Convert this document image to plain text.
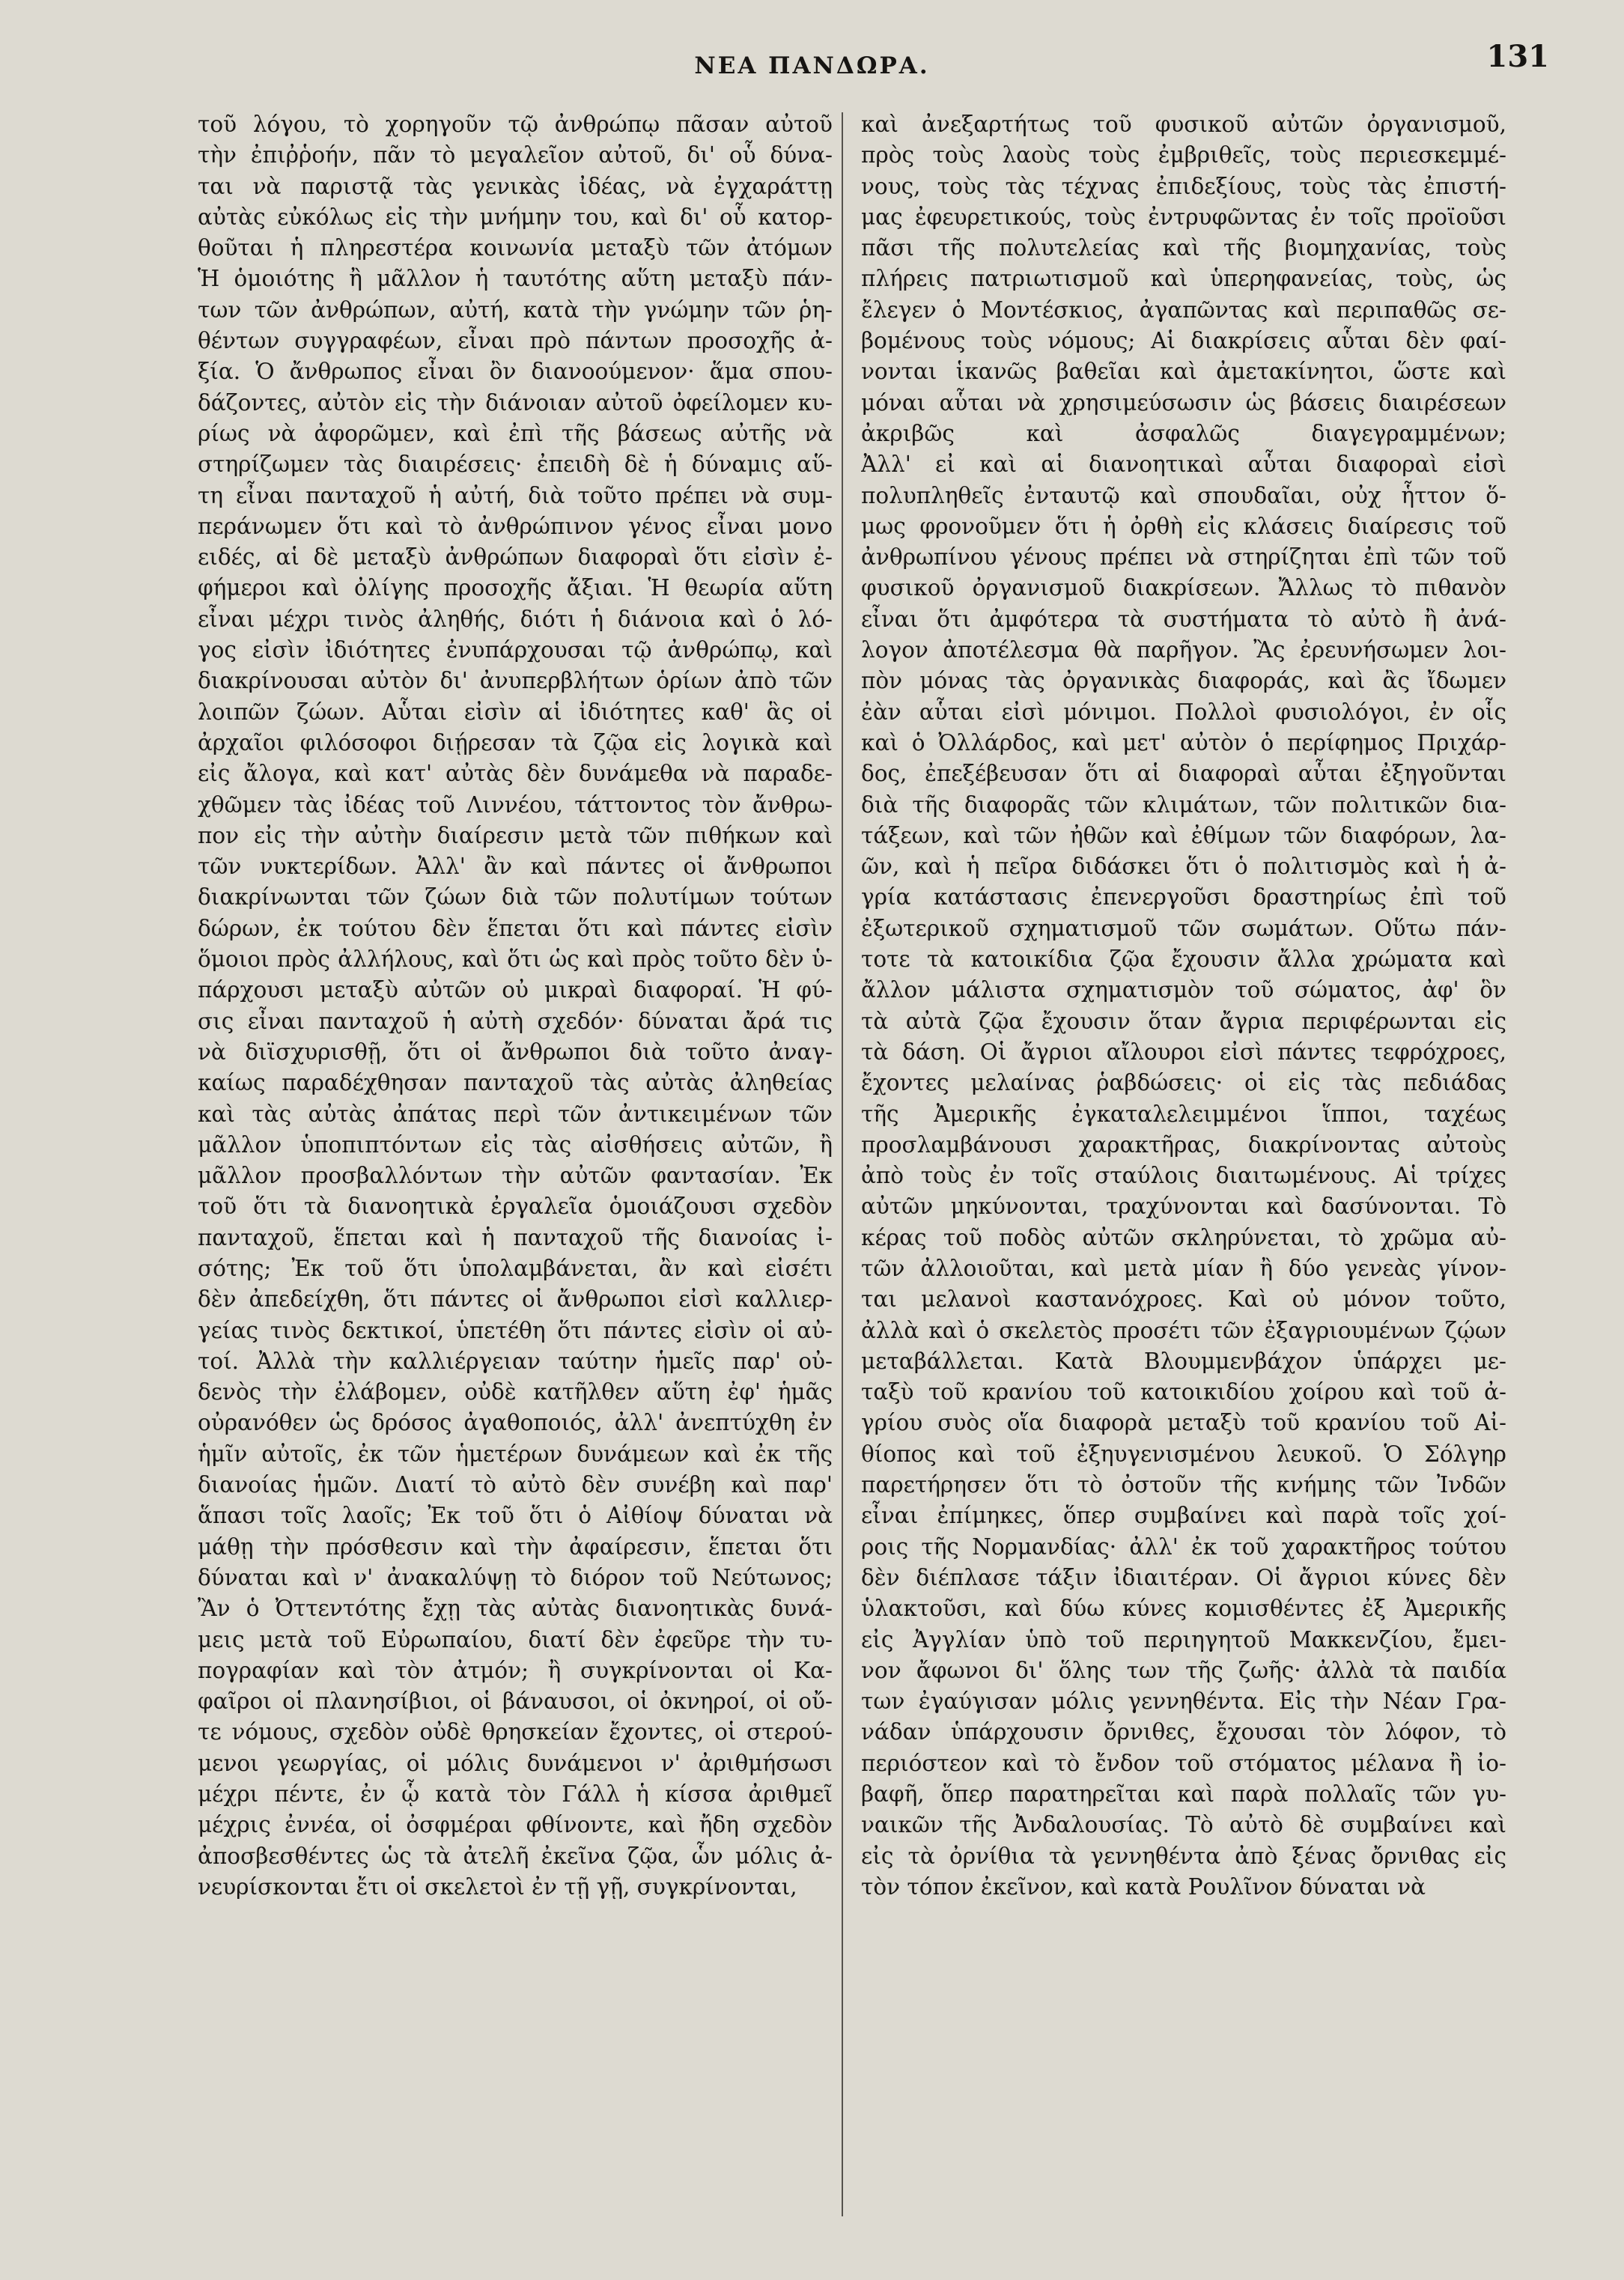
ΝΕΑ ΠΑΝΔΩΡΑ.	131
τοῦ λόγου, τὸ χορηγοῦν τῷ ἀνθρώπῳ πᾶσαν αὐτοῦ
τὴν ἐπιῤῥοήν, πᾶν τὸ μεγαλεῖον αὐτοῦ, δι' οὗ δύνα-
ται νὰ παριστᾷ τὰς γενικὰς ἰδέας, νὰ ἐγχαράττῃ
αὐτὰς εὐκόλως εἰς τὴν μνήμην του, καὶ δι' οὗ κατορ-
θοῦται ἡ πληρεστέρα κοινωνία μεταξὺ τῶν ἀτόμων
Ἡ ὁμοιότης ἢ μᾶλλον ἡ ταυτότης αὕτη μεταξὺ πάν-
των τῶν ἀνθρώπων, αὐτή, κατὰ τὴν γνώμην τῶν ῥη-
θέντων συγγραφέων, εἶναι πρὸ πάντων προσοχῆς ἀ-
ξία. Ὁ ἄνθρωπος εἶναι ὂν διανοούμενον· ἅμα σπου-
δάζοντες, αὐτὸν εἰς τὴν διάνοιαν αὐτοῦ ὀφείλομεν κυ-
ρίως νὰ ἀφορῶμεν, καὶ ἐπὶ τῆς βάσεως αὐτῆς νὰ
στηρίζωμεν τὰς διαιρέσεις· ἐπειδὴ δὲ ἡ δύναμις αὕ-
τη εἶναι πανταχοῦ ἡ αὐτή, διὰ τοῦτο πρέπει νὰ συμ-
περάνωμεν ὅτι καὶ τὸ ἀνθρώπινον γένος εἶναι μονο
ειδές, αἱ δὲ μεταξὺ ἀνθρώπων διαφοραὶ ὅτι εἰσὶν ἐ-
φήμεροι καὶ ὀλίγης προσοχῆς ἄξιαι. Ἡ θεωρία αὕτη
εἶναι μέχρι τινὸς ἀληθής, διότι ἡ διάνοια καὶ ὁ λό-
γος εἰσὶν ἰδιότητες ἐνυπάρχουσαι τῷ ἀνθρώπῳ, καὶ
διακρίνουσαι αὐτὸν δι' ἀνυπερβλήτων ὁρίων ἀπὸ τῶν
λοιπῶν ζώων. Αὗται εἰσὶν αἱ ἰδιότητες καθ' ἃς οἱ
ἀρχαῖοι φιλόσοφοι διῄρεσαν τὰ ζῷα εἰς λογικὰ καὶ
εἰς ἄλογα, καὶ κατ' αὐτὰς δὲν δυνάμεθα νὰ παραδε-
χθῶμεν τὰς ἰδέας τοῦ Λιννέου, τάττοντος τὸν ἄνθρω-
πον εἰς τὴν αὐτὴν διαίρεσιν μετὰ τῶν πιθήκων καὶ
τῶν νυκτερίδων. Ἀλλ' ἂν καὶ πάντες οἱ ἄνθρωποι
διακρίνωνται τῶν ζώων διὰ τῶν πολυτίμων τούτων
δώρων, ἐκ τούτου δὲν ἕπεται ὅτι καὶ πάντες εἰσὶν
ὅμοιοι πρὸς ἀλλήλους, καὶ ὅτι ὡς καὶ πρὸς τοῦτο δὲν ὑ-
πάρχουσι μεταξὺ αὐτῶν οὐ μικραὶ διαφοραί. Ἡ φύ-
σις εἶναι πανταχοῦ ἡ αὐτὴ σχεδόν· δύναται ἄρά τις
νὰ διϊσχυρισθῇ, ὅτι οἱ ἄνθρωποι διὰ τοῦτο ἀναγ-
καίως παραδέχθησαν πανταχοῦ τὰς αὐτὰς ἀληθείας
καὶ τὰς αὐτὰς ἀπάτας περὶ τῶν ἀντικειμένων τῶν
μᾶλλον ὑποπιπτόντων εἰς τὰς αἰσθήσεις αὐτῶν, ἢ
μᾶλλον προσβαλλόντων τὴν αὐτῶν φαντασίαν. Ἐκ
τοῦ ὅτι τὰ διανοητικὰ ἐργαλεῖα ὁμοιάζουσι σχεδὸν
πανταχοῦ, ἕπεται καὶ ἡ πανταχοῦ τῆς διανοίας ἰ-
σότης; Ἐκ τοῦ ὅτι ὑπολαμβάνεται, ἂν καὶ εἰσέτι
δὲν ἀπεδείχθη, ὅτι πάντες οἱ ἄνθρωποι εἰσὶ καλλιερ-
γείας τινὸς δεκτικοί, ὑπετέθη ὅτι πάντες εἰσὶν οἱ αὐ-
τοί. Ἀλλὰ τὴν καλλιέργειαν ταύτην ἡμεῖς παρ' οὐ-
δενὸς τὴν ἐλάβομεν, οὐδὲ κατῆλθεν αὕτη ἐφ' ἡμᾶς
οὐρανόθεν ὡς δρόσος ἀγαθοποιός, ἀλλ' ἀνεπτύχθη ἐν
ἡμῖν αὐτοῖς, ἐκ τῶν ἡμετέρων δυνάμεων καὶ ἐκ τῆς
διανοίας ἡμῶν. Διατί τὸ αὐτὸ δὲν συνέβη καὶ παρ'
ἅπασι τοῖς λαοῖς; Ἐκ τοῦ ὅτι ὁ Αἰθίοψ δύναται νὰ
μάθῃ τὴν πρόσθεσιν καὶ τὴν ἀφαίρεσιν, ἕπεται ὅτι
δύναται καὶ ν' ἀνακαλύψῃ τὸ διόρον τοῦ Νεύτωνος;
Ἂν ὁ Ὀττεντότης ἔχῃ τὰς αὐτὰς διανοητικὰς δυνά-
μεις μετὰ τοῦ Εὐρωπαίου, διατί δὲν ἐφεῦρε τὴν τυ-
πογραφίαν καὶ τὸν ἀτμόν; ἢ συγκρίνονται οἱ Κα-
φαῖροι οἱ πλανησίβιοι, οἱ βάναυσοι, οἱ ὀκνηροί, οἱ οὔ-
τε νόμους, σχεδὸν οὐδὲ θρησκείαν ἔχοντες, οἱ στερού-
μενοι γεωργίας, οἱ μόλις δυνάμενοι ν' ἀριθμήσωσι
μέχρι πέντε, ἐν ᾧ κατὰ τὸν Γάλλ ἡ κίσσα ἀριθμεῖ
μέχρις ἐννέα, οἱ ὀσφμέραι φθίνοντε, καὶ ἤδη σχεδὸν
ἀποσβεσθέντες ὡς τὰ ἀτελῆ ἐκεῖνα ζῷα, ὧν μόλις ἀ-
νευρίσκονται ἔτι οἱ σκελετοὶ ἐν τῇ γῇ, συγκρίνονται,
καὶ ἀνεξαρτήτως τοῦ φυσικοῦ αὐτῶν ὀργανισμοῦ,
πρὸς τοὺς λαοὺς τοὺς ἐμβριθεῖς, τοὺς περιεσκεμμέ-
νους, τοὺς τὰς τέχνας ἐπιδεξίους, τοὺς τὰς ἐπιστή-
μας ἐφευρετικούς, τοὺς ἐντρυφῶντας ἐν τοῖς προϊοῦσι
πᾶσι τῆς πολυτελείας καὶ τῆς βιομηχανίας, τοὺς
πλήρεις πατριωτισμοῦ καὶ ὑπερηφανείας, τοὺς, ὡς
ἔλεγεν ὁ Μοντέσκιος, ἀγαπῶντας καὶ περιπαθῶς σε-
βομένους τοὺς νόμους; Αἱ διακρίσεις αὗται δὲν φαί-
νονται ἱκανῶς βαθεῖαι καὶ ἀμετακίνητοι, ὥστε καὶ
μόναι αὗται νὰ χρησιμεύσωσιν ὡς βάσεις διαιρέσεων
ἀκριβῶς καὶ ἀσφαλῶς διαγεγραμμένων;
Ἀλλ' εἰ καὶ αἱ διανοητικαὶ αὗται διαφοραὶ εἰσὶ
πολυπληθεῖς ἐνταυτῷ καὶ σπουδαῖαι, οὐχ ἧττον ὅ-
μως φρονοῦμεν ὅτι ἡ ὀρθὴ εἰς κλάσεις διαίρεσις τοῦ
ἀνθρωπίνου γένους πρέπει νὰ στηρίζηται ἐπὶ τῶν τοῦ
φυσικοῦ ὀργανισμοῦ διακρίσεων. Ἄλλως τὸ πιθανὸν
εἶναι ὅτι ἀμφότερα τὰ συστήματα τὸ αὐτὸ ἢ ἀνά-
λογον ἀποτέλεσμα θὰ παρῆγον. Ἂς ἐρευνήσωμεν λοι-
πὸν μόνας τὰς ὀργανικὰς διαφοράς, καὶ ἂς ἴδωμεν
ἐὰν αὗται εἰσὶ μόνιμοι. Πολλοὶ φυσιολόγοι, ἐν οἷς
καὶ ὁ Ὀλλάρδος, καὶ μετ' αὐτὸν ὁ περίφημος Πριχάρ-
δος, ἐπεξέβευσαν ὅτι αἱ διαφοραὶ αὗται ἐξηγοῦνται
διὰ τῆς διαφορᾶς τῶν κλιμάτων, τῶν πολιτικῶν δια-
τάξεων, καὶ τῶν ἠθῶν καὶ ἐθίμων τῶν διαφόρων, λα-
ῶν, καὶ ἡ πεῖρα διδάσκει ὅτι ὁ πολιτισμὸς καὶ ἡ ἀ-
γρία κατάστασις ἐπενεργοῦσι δραστηρίως ἐπὶ τοῦ
ἐξωτερικοῦ σχηματισμοῦ τῶν σωμάτων. Οὕτω πάν-
τοτε τὰ κατοικίδια ζῷα ἔχουσιν ἄλλα χρώματα καὶ
ἄλλον μάλιστα σχηματισμὸν τοῦ σώματος, ἀφ' ὃν
τὰ αὐτὰ ζῷα ἔχουσιν ὅταν ἄγρια περιφέρωνται εἰς
τὰ δάση. Οἱ ἄγριοι αἴλουροι εἰσὶ πάντες τεφρόχροες,
ἔχοντες μελαίνας ῥαβδώσεις· οἱ εἰς τὰς πεδιάδας
τῆς Ἀμερικῆς ἐγκαταλελειμμένοι ἵπποι, ταχέως
προσλαμβάνουσι χαρακτῆρας, διακρίνοντας αὐτοὺς
ἀπὸ τοὺς ἐν τοῖς σταύλοις διαιτωμένους. Αἱ τρίχες
αὐτῶν μηκύνονται, τραχύνονται καὶ δασύνονται. Τὸ
κέρας τοῦ ποδὸς αὐτῶν σκληρύνεται, τὸ χρῶμα αὐ-
τῶν ἀλλοιοῦται, καὶ μετὰ μίαν ἢ δύο γενεὰς γίνον-
ται μελανοὶ καστανόχροες. Καὶ οὐ μόνον τοῦτο,
ἀλλὰ καὶ ὁ σκελετὸς προσέτι τῶν ἐξαγριουμένων ζῴων
μεταβάλλεται. Κατὰ Βλουμμενβάχον ὑπάρχει με-
ταξὺ τοῦ κρανίου τοῦ κατοικιδίου χοίρου καὶ τοῦ ἀ-
γρίου συὸς οἵα διαφορὰ μεταξὺ τοῦ κρανίου τοῦ Αἰ-
θίοπος καὶ τοῦ ἐξηυγενισμένου λευκοῦ. Ὁ Σόλγηρ
παρετήρησεν ὅτι τὸ ὀστοῦν τῆς κνήμης τῶν Ἰνδῶν
εἶναι ἐπίμηκες, ὅπερ συμβαίνει καὶ παρὰ τοῖς χοί-
ροις τῆς Νορμανδίας· ἀλλ' ἐκ τοῦ χαρακτῆρος τούτου
δὲν διέπλασε τάξιν ἰδιαιτέραν. Οἱ ἄγριοι κύνες δὲν
ὑλακτοῦσι, καὶ δύω κύνες κομισθέντες ἐξ Ἀμερικῆς
εἰς Ἀγγλίαν ὑπὸ τοῦ περιηγητοῦ Μακκενζίου, ἔμει-
νον ἄφωνοι δι' ὅλης των τῆς ζωῆς· ἀλλὰ τὰ παιδία
των ἐγαύγισαν μόλις γεννηθέντα. Εἰς τὴν Νέαν Γρα-
νάδαν ὑπάρχουσιν ὄρνιθες, ἔχουσαι τὸν λόφον, τὸ
περιόστεον καὶ τὸ ἔνδον τοῦ στόματος μέλανα ἢ ἰο-
βαφῆ, ὅπερ παρατηρεῖται καὶ παρὰ πολλαῖς τῶν γυ-
ναικῶν τῆς Ἀνδαλουσίας. Τὸ αὐτὸ δὲ συμβαίνει καὶ
εἰς τὰ ὀρνίθια τὰ γεννηθέντα ἀπὸ ξένας ὄρνιθας εἰς
τὸν τόπον ἐκεῖνον, καὶ κατὰ Ρουλῖνον δύναται νὰ
